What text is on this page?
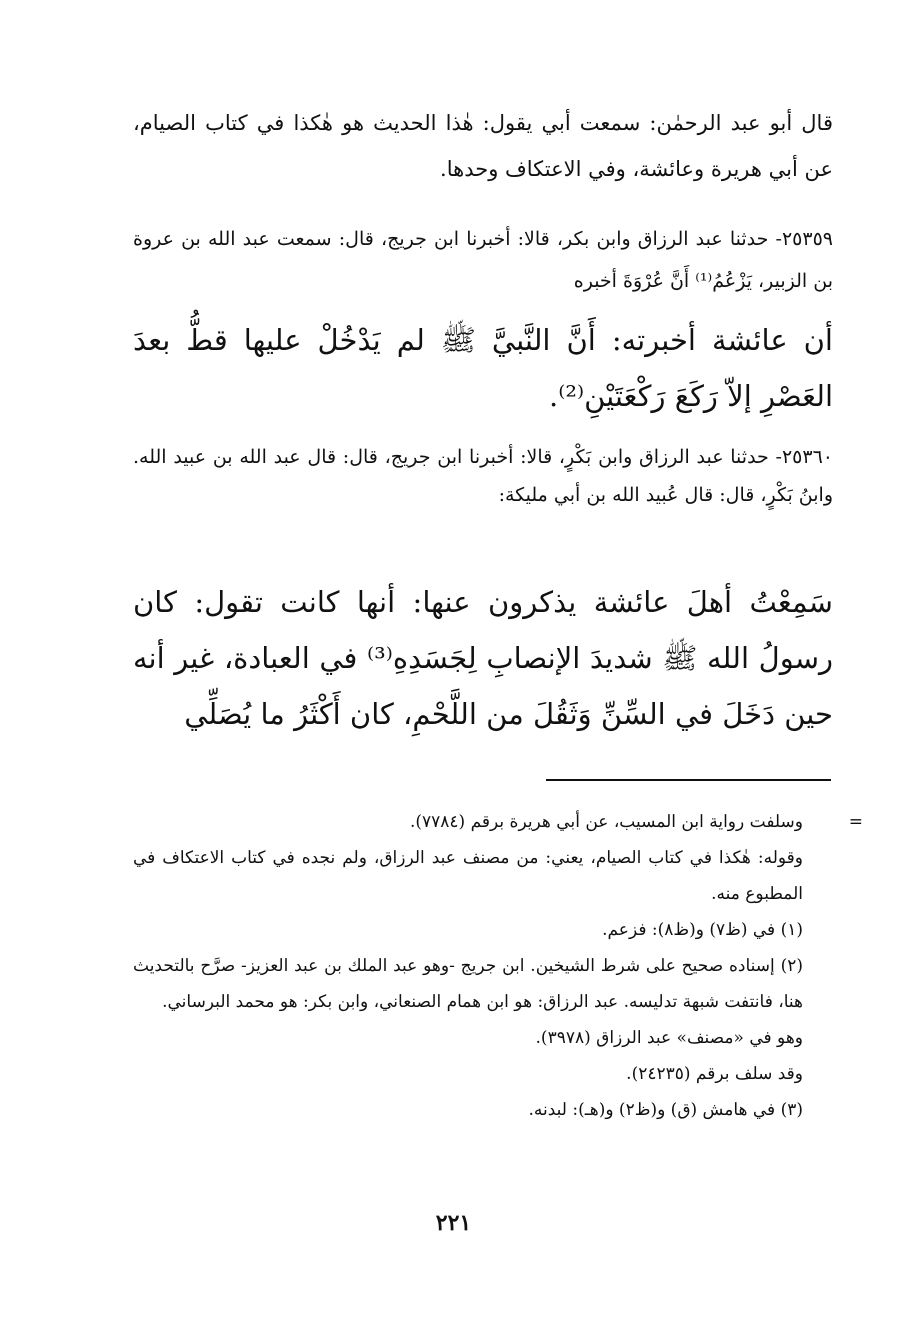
قال أبو عبد الرحمٰن: سمعت أبي يقول: هٰذا الحديث هو هٰكذا في كتاب الصيام، عن أبي هريرة وعائشة، وفي الاعتكاف وحدها.

٢٥٣٥٩- حدثنا عبد الرزاق وابن بكر، قالا: أخبرنا ابن جريج، قال: سمعت عبد الله بن عروة بن الزبير، يَزْعُمُ⁽¹⁾ أَنَّ عُرْوَةَ أخبره

أن عائشة أخبرته: أَنَّ النَّبيَّ ﷺ لم يَدْخُلْ عليها قطُّ بعدَ العَصْرِ إلاّ رَكَعَ رَكْعَتَيْنِ⁽²⁾.

٢٥٣٦٠- حدثنا عبد الرزاق وابن بَكْرٍ، قالا: أخبرنا ابن جريج، قال: قال عبد الله بن عبيد الله. وابنُ بَكْرٍ، قال: قال عُبيد الله بن أبي مليكة:

سَمِعْتُ أهلَ عائشة يذكرون عنها: أنها كانت تقول: كان رسولُ الله ﷺ شديدَ الإنصابِ لِجَسَدِهِ⁽³⁾ في العبادة، غير أنه حين دَخَلَ في السِّنِّ وَثَقُلَ من اللَّحْمِ، كان أَكْثَرُ ما يُصَلِّي

=
وسلفت رواية ابن المسيب، عن أبي هريرة برقم (٧٧٨٤).

وقوله: هٰكذا في كتاب الصيام، يعني: من مصنف عبد الرزاق، ولم نجده في كتاب الاعتكاف في المطبوع منه.

(١) في (ظ٧) و(ظ٨): فزعم.

(٢) إسناده صحيح على شرط الشيخين. ابن جريج -وهو عبد الملك بن عبد العزيز- صرَّح بالتحديث هنا، فانتفت شبهة تدليسه. عبد الرزاق: هو ابن همام الصنعاني، وابن بكر: هو محمد البرساني.

وهو في «مصنف» عبد الرزاق (٣٩٧٨).

وقد سلف برقم (٢٤٢٣٥).

(٣) في هامش (ق) و(ظ٢) و(هـ): لبدنه.

٢٢١
